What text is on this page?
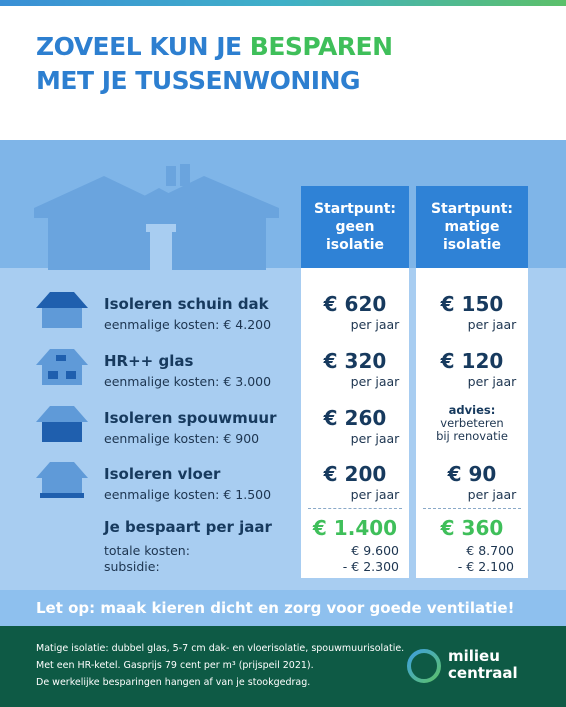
ZOVEEL KUN JE BESPAREN
MET JE TUSSENWONING
Startpunt:
geen
isolatie
Startpunt:
matige
isolatie
Isoleren schuin dak
eenmalige kosten: € 4.200
€ 620
per jaar
€ 150
per jaar
HR++ glas
eenmalige kosten: € 3.000
€ 320
per jaar
€ 120
per jaar
Isoleren spouwmuur
eenmalige kosten: € 900
€ 260
per jaar
advies:
verbeteren
bij renovatie
Isoleren vloer
eenmalige kosten: € 1.500
€ 200
per jaar
€ 90
per jaar
Je bespaart per jaar
totale kosten:
subsidie:
€ 1.400
€ 9.600
- € 2.300
€ 360
€ 8.700
- € 2.100
Let op: maak kieren dicht en zorg voor goede ventilatie!
Matige isolatie: dubbel glas, 5-7 cm dak- en vloerisolatie, spouwmuurisolatie.
Met een HR-ketel. Gasprijs 79 cent per m³ (prijspeil 2021).
De werkelijke besparingen hangen af van je stookgedrag.
milieu
centraal
